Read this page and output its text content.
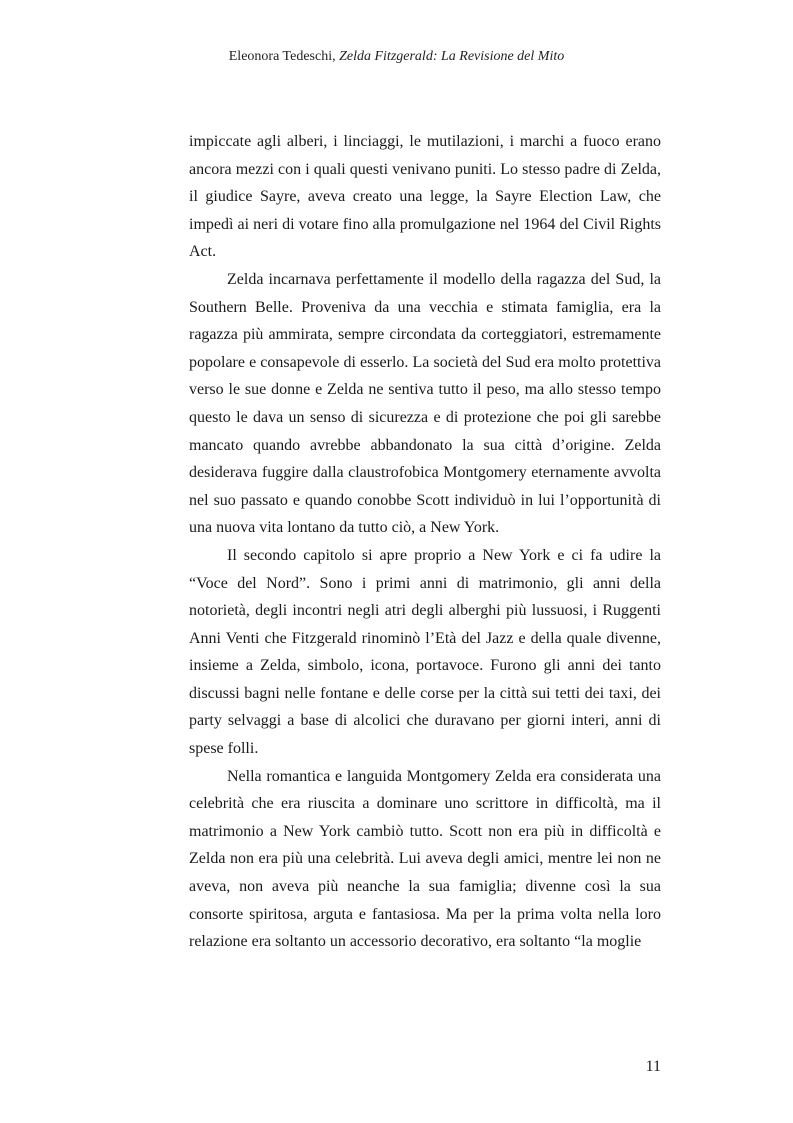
Eleonora Tedeschi, Zelda Fitzgerald: La Revisione del Mito

impiccate agli alberi, i linciaggi, le mutilazioni, i marchi a fuoco erano ancora mezzi con i quali questi venivano puniti. Lo stesso padre di Zelda, il giudice Sayre, aveva creato una legge, la Sayre Election Law, che impedì ai neri di votare fino alla promulgazione nel 1964 del Civil Rights Act.

Zelda incarnava perfettamente il modello della ragazza del Sud, la Southern Belle. Proveniva da una vecchia e stimata famiglia, era la ragazza più ammirata, sempre circondata da corteggiatori, estremamente popolare e consapevole di esserlo. La società del Sud era molto protettiva verso le sue donne e Zelda ne sentiva tutto il peso, ma allo stesso tempo questo le dava un senso di sicurezza e di protezione che poi gli sarebbe mancato quando avrebbe abbandonato la sua città d’origine. Zelda desiderava fuggire dalla claustrofobica Montgomery eternamente avvolta nel suo passato e quando conobbe Scott individuò in lui l’opportunità di una nuova vita lontano da tutto ciò, a New York.

Il secondo capitolo si apre proprio a New York e ci fa udire la “Voce del Nord”. Sono i primi anni di matrimonio, gli anni della notorietà, degli incontri negli atri degli alberghi più lussuosi, i Ruggenti Anni Venti che Fitzgerald rinominò l’Età del Jazz e della quale divenne, insieme a Zelda, simbolo, icona, portavoce. Furono gli anni dei tanto discussi bagni nelle fontane e delle corse per la città sui tetti dei taxi, dei party selvaggi a base di alcolici che duravano per giorni interi, anni di spese folli.

Nella romantica e languida Montgomery Zelda era considerata una celebrità che era riuscita a dominare uno scrittore in difficoltà, ma il matrimonio a New York cambiò tutto. Scott non era più in difficoltà e Zelda non era più una celebrità. Lui aveva degli amici, mentre lei non ne aveva, non aveva più neanche la sua famiglia; divenne così la sua consorte spiritosa, arguta e fantasiosa. Ma per la prima volta nella loro relazione era soltanto un accessorio decorativo, era soltanto “la moglie

11
